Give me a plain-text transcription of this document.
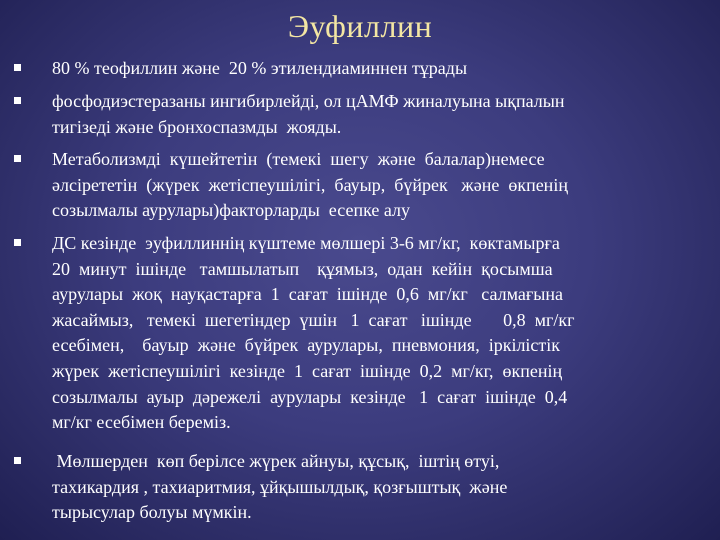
Эуфиллин
80 % теофиллин және  20 % этилендиаминнен тұрады
фосфодиэстеразаны ингибирлейді, ол цАМФ жиналуына ықпалын
тигізеді және бронхоспазмды  жояды.
Метаболизмді  күшейтетін  (темекі  шегу  және  балалар)немесе
әлсірететін  (жүрек  жетіспеушілігі,  бауыр,  бүйрек   және  өкпенің
созылмалы аурулары)факторларды  есепке алу
ДС кезінде  эуфиллиннің күштеме мөлшері 3-6 мг/кг,  көктамырға
20  минут  ішінде   тамшылатып    құямыз,  одан  кейін  қосымша
аурулары  жоқ  науқастарға  1  сағат  ішінде  0,6  мг/кг   салмағына
жасаймыз,   темекі  шегетіндер  үшін   1  сағат   ішінде       0,8  мг/кг
есебімен,    бауыр  және  бүйрек  аурулары,  пневмония,  іркілістік
жүрек  жетіспеушілігі  кезінде  1  сағат  ішінде  0,2  мг/кг,  өкпенің
созылмалы  ауыр  дәрежелі  аурулары  кезінде   1  сағат  ішінде  0,4
мг/кг есебімен береміз.
Мөлшерден  көп берілсе жүрек айнуы, құсық,  іштің өтуі,
тахикардия , тахиаритмия, ұйқышылдық, қозғыштық  және
тырысулар болуы мүмкін.
